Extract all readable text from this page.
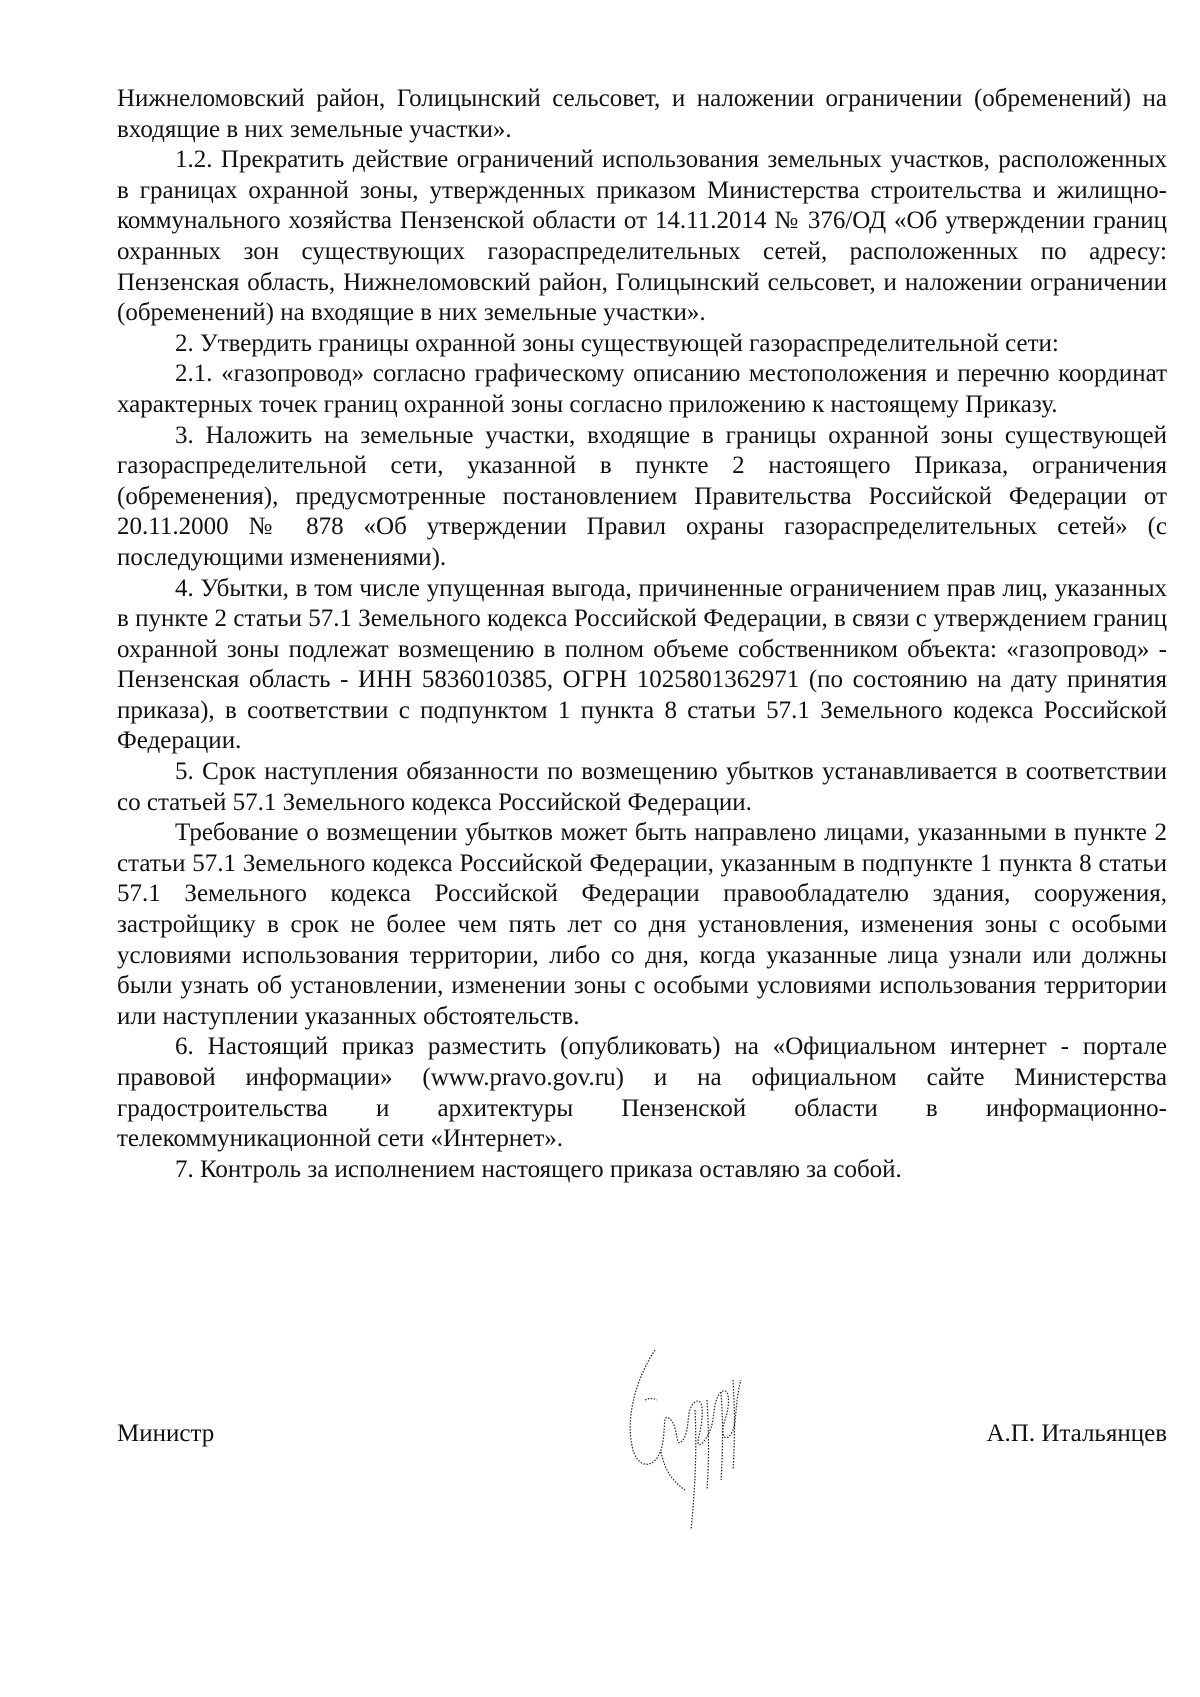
Нижнеломовский район, Голицынский сельсовет, и наложении ограничении (обременений) на входящие в них земельные участки».

1.2. Прекратить действие ограничений использования земельных участков, расположенных в границах охранной зоны, утвержденных приказом Министерства строительства и жилищно-коммунального хозяйства Пензенской области от 14.11.2014 № 376/ОД «Об утверждении границ охранных зон существующих газораспределительных сетей, расположенных по адресу: Пензенская область, Нижнеломовский район, Голицынский сельсовет, и наложении ограничении (обременений) на входящие в них земельные участки».

2. Утвердить границы охранной зоны существующей газораспределительной сети:

2.1. «газопровод» согласно графическому описанию местоположения и перечню координат характерных точек границ охранной зоны согласно приложению к настоящему Приказу.

3. Наложить на земельные участки, входящие в границы охранной зоны существующей газораспределительной сети, указанной в пункте 2 настоящего Приказа, ограничения (обременения), предусмотренные постановлением Правительства Российской Федерации от 20.11.2000 № 878 «Об утверждении Правил охраны газораспределительных сетей» (с последующими изменениями).

4. Убытки, в том числе упущенная выгода, причиненные ограничением прав лиц, указанных в пункте 2 статьи 57.1 Земельного кодекса Российской Федерации, в связи с утверждением границ охранной зоны подлежат возмещению в полном объеме собственником объекта: «газопровод» - Пензенская область - ИНН 5836010385, ОГРН 1025801362971 (по состоянию на дату принятия приказа), в соответствии с подпунктом 1 пункта 8 статьи 57.1 Земельного кодекса Российской Федерации.

5. Срок наступления обязанности по возмещению убытков устанавливается в соответствии со статьей 57.1 Земельного кодекса Российской Федерации.

Требование о возмещении убытков может быть направлено лицами, указанными в пункте 2 статьи 57.1 Земельного кодекса Российской Федерации, указанным в подпункте 1 пункта 8 статьи 57.1 Земельного кодекса Российской Федерации правообладателю здания, сооружения, застройщику в срок не более чем пять лет со дня установления, изменения зоны с особыми условиями использования территории, либо со дня, когда указанные лица узнали или должны были узнать об установлении, изменении зоны с особыми условиями использования территории или наступлении указанных обстоятельств.

6. Настоящий приказ разместить (опубликовать) на «Официальном интернет - портале правовой информации» (www.pravo.gov.ru) и на официальном сайте Министерства градостроительства и архитектуры Пензенской области в информационно-телекоммуникационной сети «Интернет».

7. Контроль за исполнением настоящего приказа оставляю за собой.

Министр	А.П. Итальянцев
